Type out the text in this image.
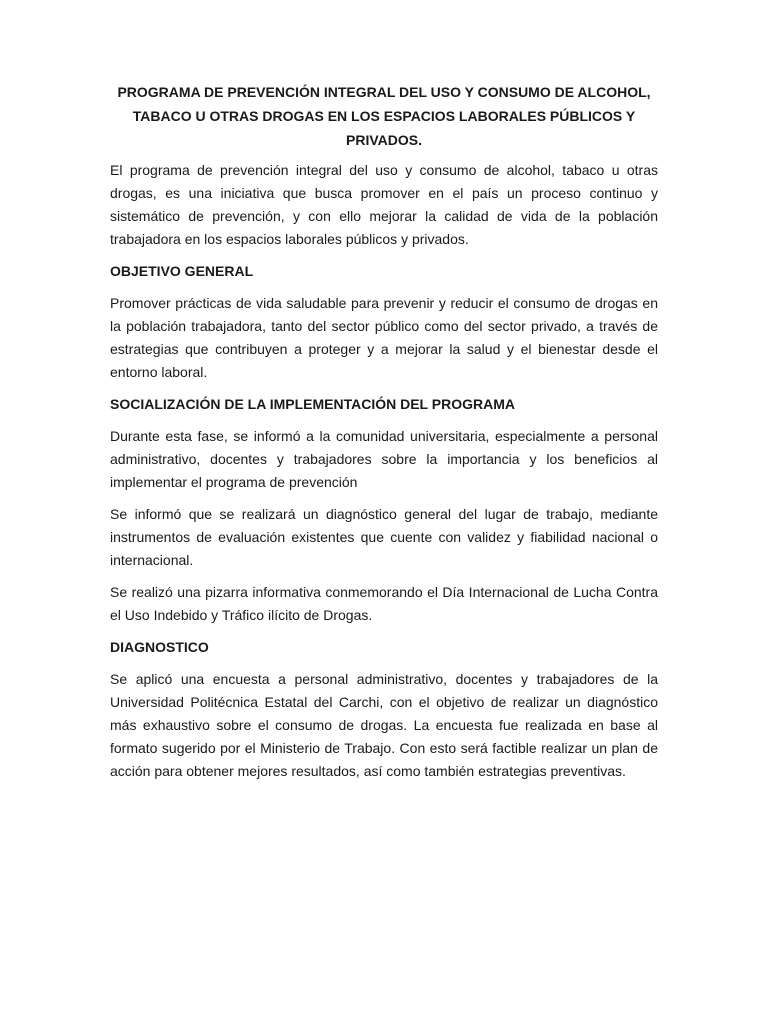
PROGRAMA DE PREVENCIÓN INTEGRAL DEL USO Y CONSUMO DE ALCOHOL,
TABACO U OTRAS DROGAS EN LOS ESPACIOS LABORALES PÚBLICOS Y
PRIVADOS.

El programa de prevención integral del uso y consumo de alcohol, tabaco u otras drogas, es una iniciativa que busca promover en el país un proceso continuo y sistemático de prevención, y con ello mejorar la calidad de vida de la población trabajadora en los espacios laborales públicos y privados.

OBJETIVO GENERAL

Promover prácticas de vida saludable para prevenir y reducir el consumo de drogas en la población trabajadora, tanto del sector público como del sector privado, a través de estrategias que contribuyen a proteger y a mejorar la salud y el bienestar desde el entorno laboral.

SOCIALIZACIÓN DE LA IMPLEMENTACIÓN DEL PROGRAMA

Durante esta fase, se informó a la comunidad universitaria, especialmente a personal administrativo, docentes y trabajadores sobre la importancia y los beneficios al implementar el programa de prevención

Se informó que se realizará un diagnóstico general del lugar de trabajo, mediante instrumentos de evaluación existentes que cuente con validez y fiabilidad nacional o internacional.

Se realizó una pizarra informativa conmemorando el Día Internacional de Lucha Contra el Uso Indebido y Tráfico ilícito de Drogas.

DIAGNOSTICO

Se aplicó una encuesta a personal administrativo, docentes y trabajadores de la Universidad Politécnica Estatal del Carchi, con el objetivo de realizar un diagnóstico más exhaustivo sobre el consumo de drogas. La encuesta fue realizada en base al formato sugerido por el Ministerio de Trabajo. Con esto será factible realizar un plan de acción para obtener mejores resultados, así como también estrategias preventivas.
